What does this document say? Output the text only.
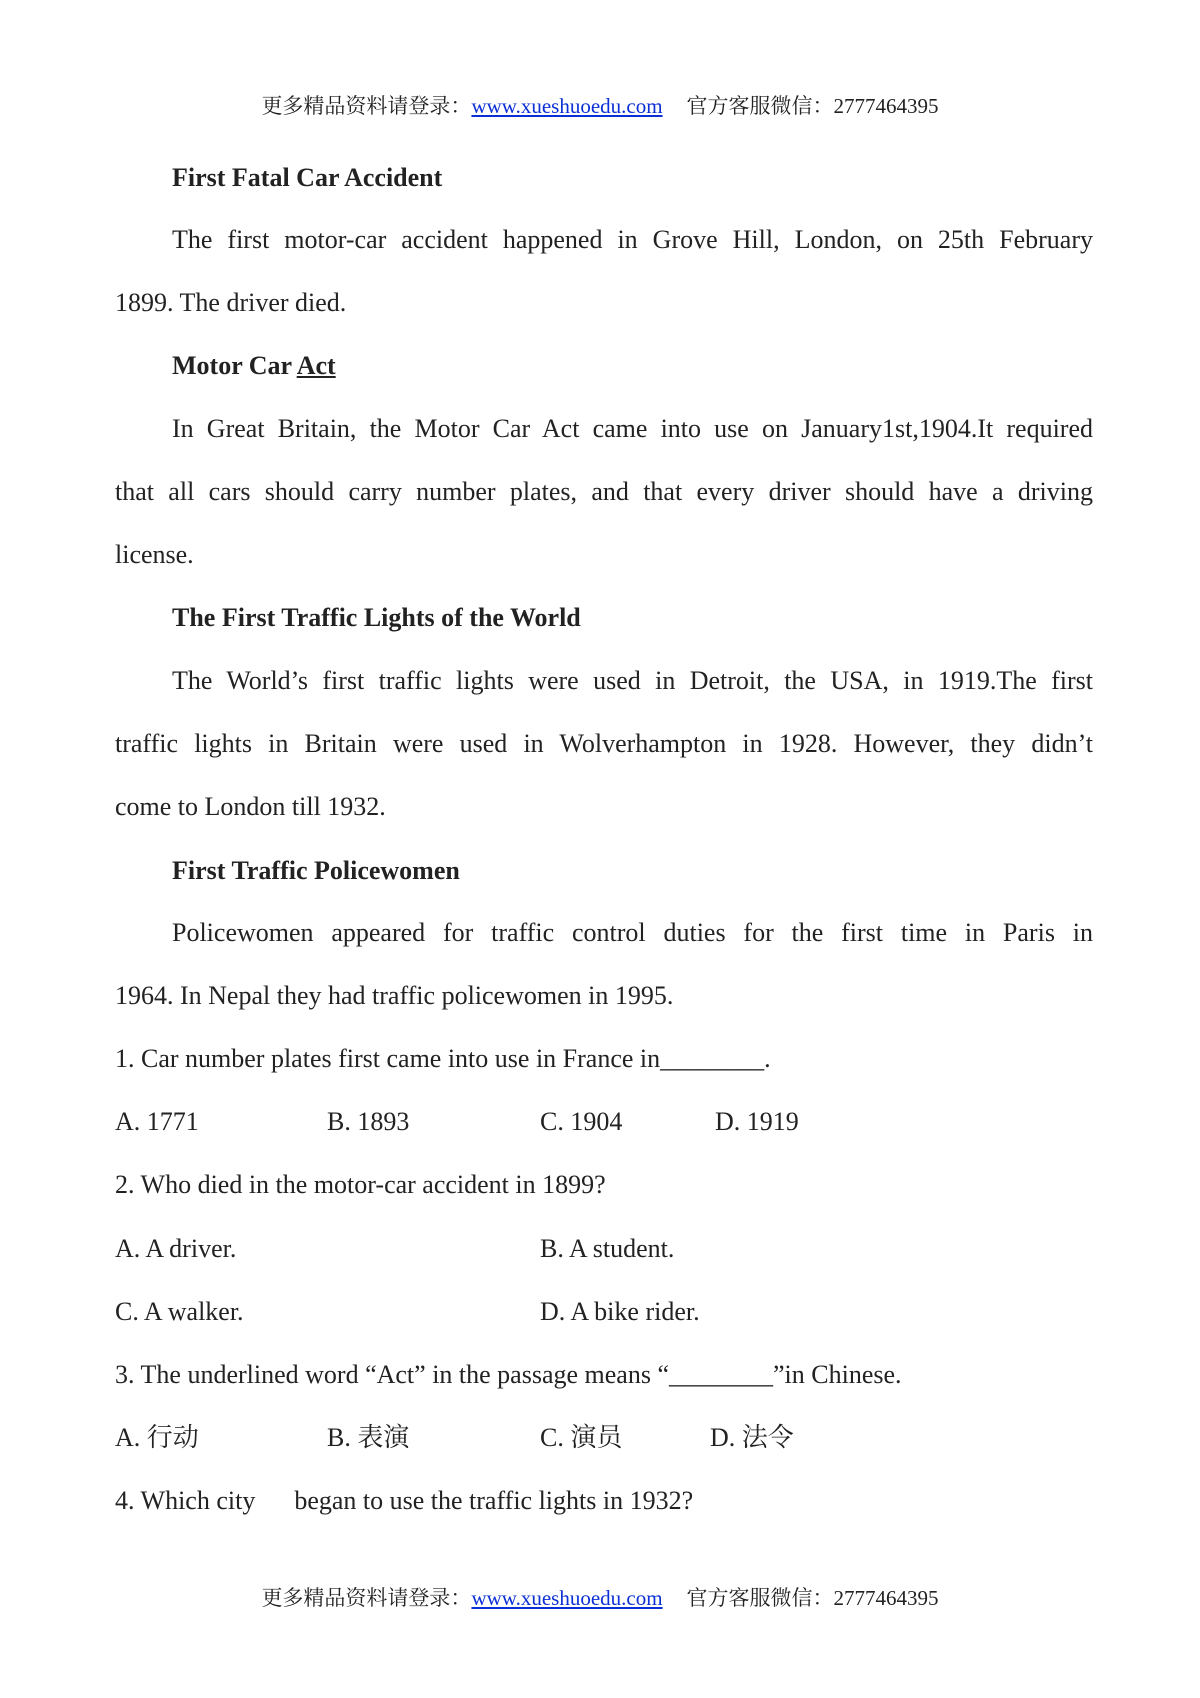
更多精品资料请登录：www.xueshuoedu.com 官方客服微信：2777464395
First Fatal Car Accident
The first motor-car accident happened in Grove Hill, London, on 25th February
1899. The driver died.
Motor Car Act
In Great Britain, the Motor Car Act came into use on January1st,1904.It required
that all cars should carry number plates, and that every driver should have a driving
license.
The First Traffic Lights of the World
The World’s first traffic lights were used in Detroit, the USA, in 1919.The first
traffic lights in Britain were used in Wolverhampton in 1928. However, they didn’t
come to London till 1932.
First Traffic Policewomen
Policewomen appeared for traffic control duties for the first time in Paris in
1964. In Nepal they had traffic policewomen in 1995.
1. Car number plates first came into use in France in________.
A. 1771	B. 1893	C. 1904	D. 1919
2. Who died in the motor-car accident in 1899?
A. A driver.	B. A student.
C. A walker.	D. A bike rider.
3. The underlined word “Act” in the passage means “________”in Chinese.
A. 行动	B. 表演	C. 演员	D. 法令
4. Which city      began to use the traffic lights in 1932?
更多精品资料请登录：www.xueshuoedu.com 官方客服微信：2777464395
